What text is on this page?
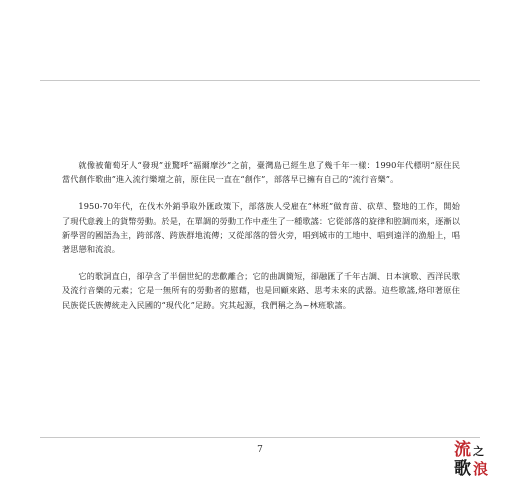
就像被葡萄牙人“發現”並驚呼“福爾摩沙”之前，臺灣島已經生息了幾千年一樣：1990年代標明“原住民當代創作歌曲”進入流行樂壇之前，原住民一直在“創作”，部落早已擁有自己的“流行音樂”。

1950-70年代，在伐木外銷爭取外匯政策下，部落族人受雇在“林班”做育苗、砍草、整地的工作，開始了現代意義上的貨幣勞動。於是，在單調的勞動工作中產生了一種歌謠：它從部落的旋律和腔調而來，逐漸以新學習的國語為主，跨部落、跨族群地流傳；又從部落的營火旁，唱到城市的工地中、唱到遠洋的漁船上，唱著思戀和流浪。

它的歌詞直白，卻孕含了半個世紀的悲歡離合；它的曲調簡短，卻融匯了千年古調、日本演歌、西洋民歌及流行音樂的元素；它是一無所有的勞動者的慰藉，也是回顧來路、思考未來的武器。這些歌謠,烙印著原住民族從氏族傳統走入民國的“現代化”足跡。究其起源，我們稱之為~林班歌謠。

7	流 之
歌 浪
